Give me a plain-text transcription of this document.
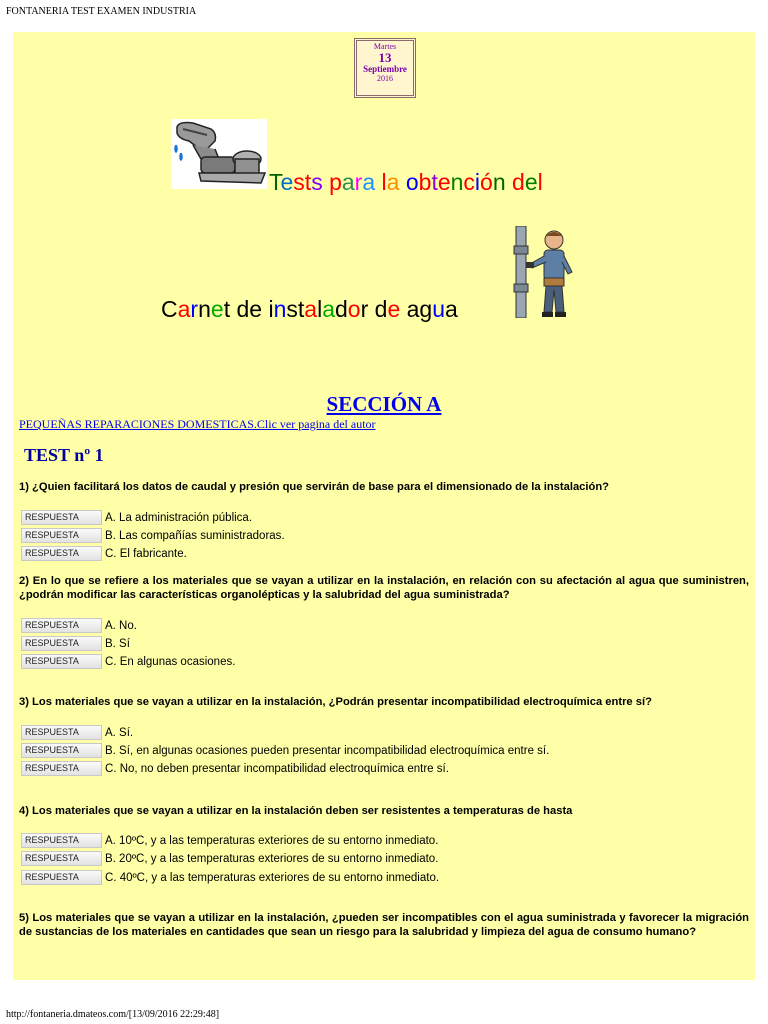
FONTANERIA TEST EXAMEN INDUSTRIA
Martes
13
Septiembre
2016
Tests para la obtención del
Carnet de instalador de agua
SECCIÓN A
PEQUEÑAS REPARACIONES DOMESTICAS.Clic ver pagina del autor
TEST nº 1
1) ¿Quien facilitará los datos de caudal y presión que servirán de base para el dimensionado de la instalación?
RESPUESTA	A. La administración pública.
RESPUESTA	B. Las compañías suministradoras.
RESPUESTA	C. El fabricante.
2) En lo que se refiere a los materiales que se vayan a utilizar en la instalación, en relación con su afectación al agua que suministren, ¿podrán modificar las características organolépticas y la salubridad del agua suministrada?
RESPUESTA	A. No.
RESPUESTA	B. Sí
RESPUESTA	C. En algunas ocasiones.
3) Los materiales que se vayan a utilizar en la instalación, ¿Podrán presentar incompatibilidad electroquímica entre sí?
RESPUESTA	A. Sí.
RESPUESTA	B. Sí, en algunas ocasiones pueden presentar incompatibilidad electroquímica entre sí.
RESPUESTA	C. No, no deben presentar incompatibilidad electroquímica entre sí.
4) Los materiales que se vayan a utilizar en la instalación deben ser resistentes a temperaturas de hasta
RESPUESTA	A. 10ºC, y a las temperaturas exteriores de su entorno inmediato.
RESPUESTA	B. 20ºC, y a las temperaturas exteriores de su entorno inmediato.
RESPUESTA	C. 40ºC, y a las temperaturas exteriores de su entorno inmediato.
5) Los materiales que se vayan a utilizar en la instalación, ¿pueden ser incompatibles con el agua suministrada y favorecer la migración de sustancias de los materiales en cantidades que sean un riesgo para la salubridad y limpieza del agua de consumo humano?
http://fontaneria.dmateos.com/[13/09/2016 22:29:48]
